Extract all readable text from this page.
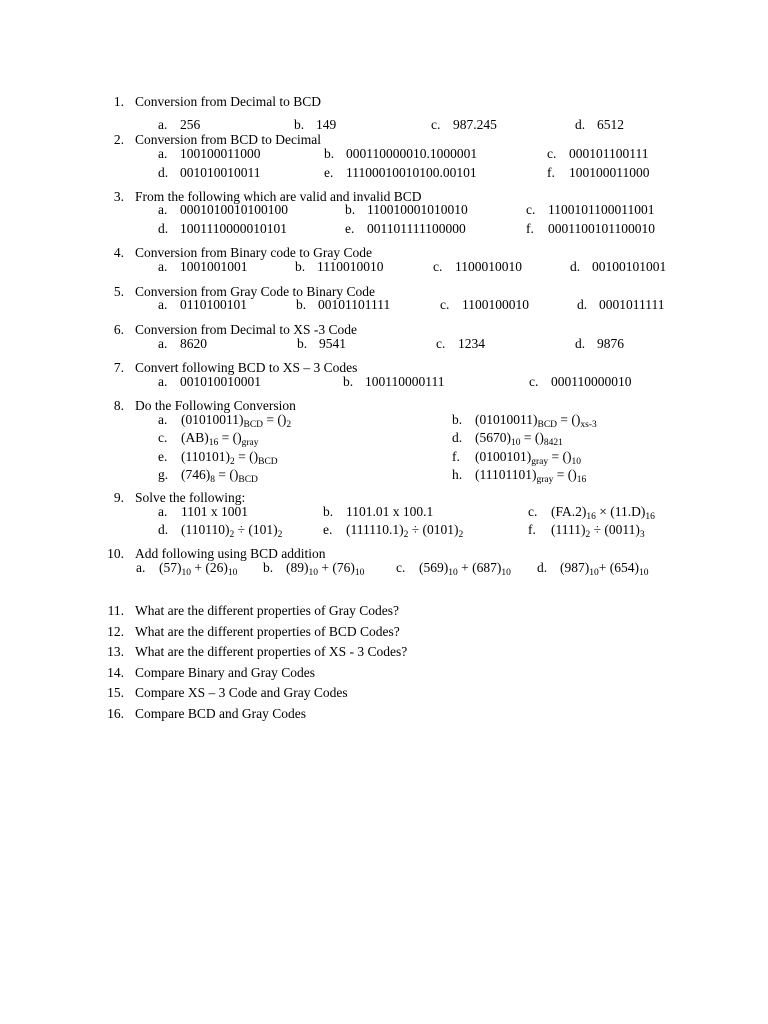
1. Conversion from Decimal to BCD
a. 256	b. 149	c. 987.245	d. 6512
2. Conversion from BCD to Decimal
a. 100100011000	b. 000110000010.1000001	c. 000101100111
d. 001010010011	e. 11100010010100.00101	f. 100100011000
3. From the following which are valid and invalid BCD
a. 0001010010100100	b. 110010001010010	c. 1100101100011001
d. 1001110000010101	e. 001101111100000	f. 0001100101100010
4. Conversion from Binary code to Gray Code
a. 1001001001	b. 1110010010	c. 1100010010	d. 00100101001
5. Conversion from Gray Code to Binary Code
a. 0110100101	b. 00101101111	c. 1100100010	d. 0001011111
6. Conversion from Decimal to XS -3 Code
a. 8620	b. 9541	c. 1234	d. 9876
7. Convert following BCD to XS – 3 Codes
a. 001010010001	b. 100110000111	c. 000110000010
8. Do the Following Conversion
a. $(01010011)_{BCD} = ()_2$	b. $(01010011)_{BCD} = ()_{xs-3}$
c. $(AB)_{16} = ()_{gray}$	d. $(5670)_{10} = ()_{8421}$
e. $(110101)_2 = ()_{BCD}$	f. $(0100101)_{gray} = ()_{10}$
g. $(746)_8 = ()_{BCD}$	h. $(11101101)_{gray} = ()_{16}$
9. Solve the following:
a. 1101 x 1001	b. 1101.01 x 100.1	c. $(FA.2)_{16} \times (11.D)_{16}$
d. $(110110)_2 \div (101)_2$	e. $(111110.1)_2 \div (0101)_2$	f. $(1111)_2 \div (0011)_3$
10. Add following using BCD addition
a. $(57)_{10} + (26)_{10}$ b. $(89)_{10} + (76)_{10}$ c. $(569)_{10} + (687)_{10}$ d. $(987)_{10}+ (654)_{10}$
11. What are the different properties of Gray Codes?
12. What are the different properties of BCD Codes?
13. What are the different properties of XS - 3 Codes?
14. Compare Binary and Gray Codes
15. Compare XS – 3 Code and Gray Codes
16. Compare BCD and Gray Codes
